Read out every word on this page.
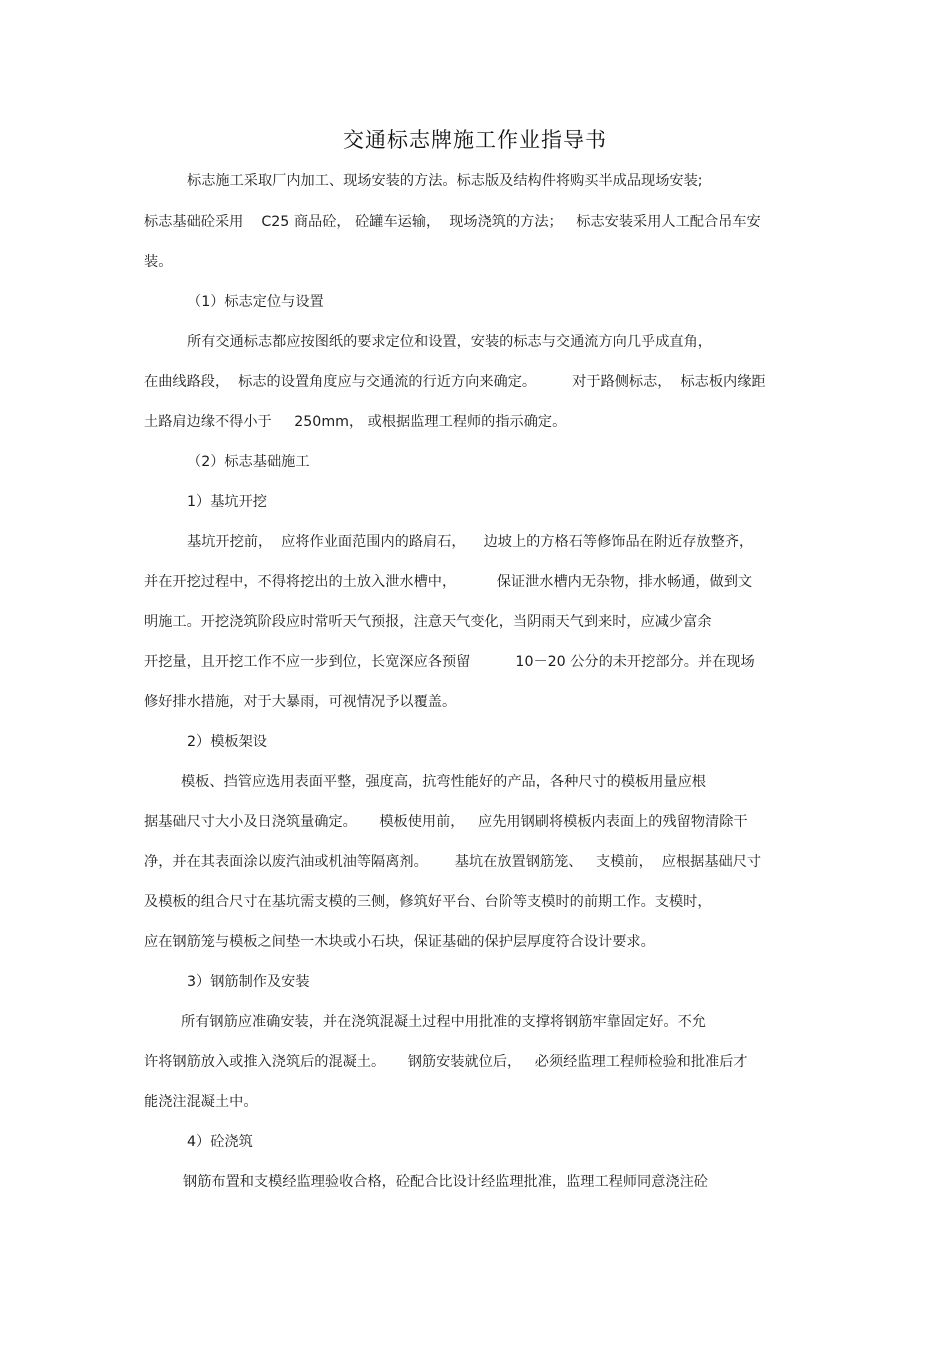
交通标志牌施工作业指导书
标志施工采取厂内加工、现场安装的方法。标志版及结构件将购买半成品现场安装;
标志基础砼采用    C25 商品砼， 砼罐车运输，  现场浇筑的方法；   标志安装采用人工配合吊车安
装。
（1）标志定位与设置
所有交通标志都应按图纸的要求定位和设置，安装的标志与交通流方向几乎成直角，
在曲线路段，  标志的设置角度应与交通流的行近方向来确定。        对于路侧标志，  标志板内缘距
土路肩边缘不得小于     250mm， 或根据监理工程师的指示确定。
（2）标志基础施工
1）基坑开挖
基坑开挖前，  应将作业面范围内的路肩石，    边坡上的方格石等修饰品在附近存放整齐，
并在开挖过程中，不得将挖出的土放入泄水槽中，         保证泄水槽内无杂物，排水畅通，做到文
明施工。开挖浇筑阶段应时常听天气预报，注意天气变化，当阴雨天气到来时，应减少富余
开挖量，且开挖工作不应一步到位，长宽深应各预留          10－20 公分的未开挖部分。并在现场
修好排水措施，对于大暴雨，可视情况予以覆盖。
2）模板架设
模板、挡管应选用表面平整，强度高，抗弯性能好的产品，各种尺寸的模板用量应根
据基础尺寸大小及日浇筑量确定。     模板使用前，   应先用钢刷将模板内表面上的残留物清除干
净，并在其表面涂以废汽油或机油等隔离剂。      基坑在放置钢筋笼、   支模前，  应根据基础尺寸
及模板的组合尺寸在基坑需支模的三侧，修筑好平台、台阶等支模时的前期工作。支模时，
应在钢筋笼与模板之间垫一木块或小石块，保证基础的保护层厚度符合设计要求。
3）钢筋制作及安装
所有钢筋应准确安装，并在浇筑混凝土过程中用批准的支撑将钢筋牢靠固定好。不允
许将钢筋放入或推入浇筑后的混凝土。     钢筋安装就位后，   必须经监理工程师检验和批准后才
能浇注混凝土中。
4）砼浇筑
钢筋布置和支模经监理验收合格，砼配合比设计经监理批准，监理工程师同意浇注砼
